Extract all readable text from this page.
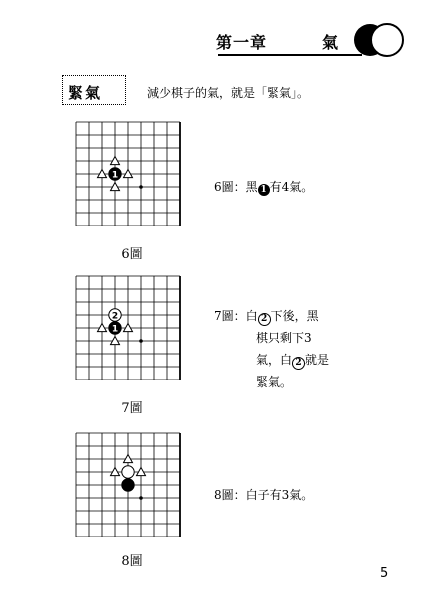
第一章	氣
緊氣	減少棋子的氣，就是「緊氣」。
1
6圖
6圖：黑 1 有4氣。
2
1
7圖
7圖：白 2 下後，黑
棋只剩下3
氣，白 2 就是
緊氣。
8圖
8圖：白子有3氣。
5
